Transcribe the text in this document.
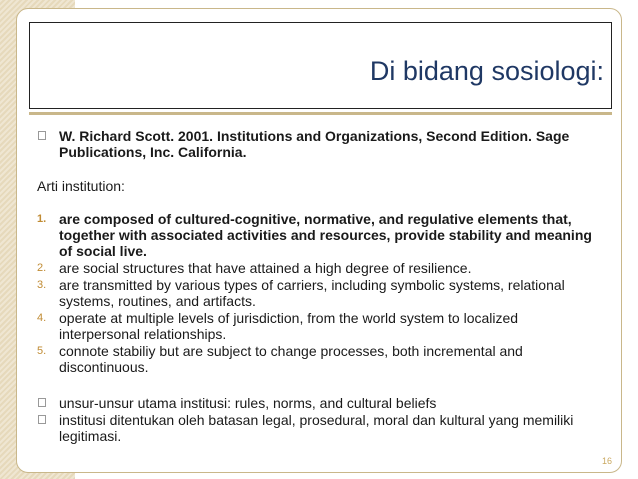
Di bidang sosiologi:

W. Richard Scott. 2001. Institutions and Organizations, Second Edition. Sage Publications, Inc. California.

Arti institution:

1. are composed of cultured-cognitive, normative, and regulative elements that, together with associated activities and resources, provide stability and meaning of social live.

2. are social structures that have attained a high degree of resilience.

3. are transmitted by various types of carriers, including symbolic systems, relational systems, routines, and artifacts.

4. operate at multiple levels of jurisdiction, from the world system to localized interpersonal relationships.

5. connote stabiliy but are subject to change processes, both incremental and discontinuous.

unsur-unsur utama institusi: rules, norms, and cultural beliefs

institusi ditentukan oleh batasan legal, prosedural, moral dan kultural yang memiliki legitimasi.

16
